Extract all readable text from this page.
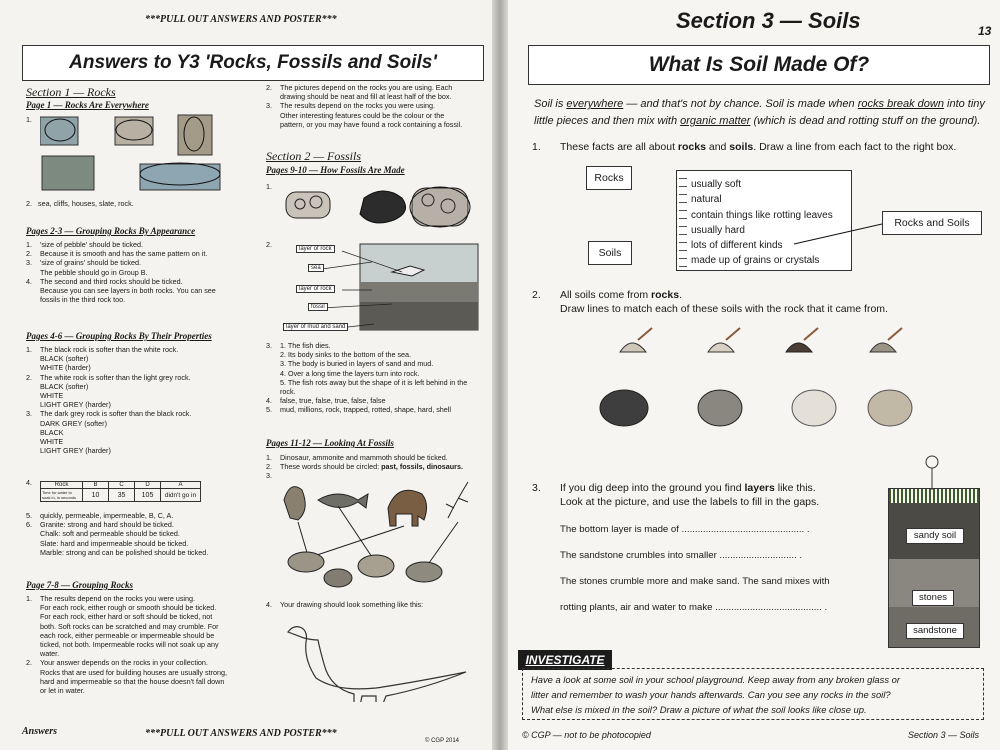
***PULL OUT ANSWERS AND POSTER***
Answers to Y3 'Rocks, Fossils and Soils'
Section 1 — Rocks
Page 1 — Rocks Are Everywhere
1.
2.   sea, cliffs, houses, slate, rock.
Pages 2-3 — Grouping Rocks By Appearance
1.    'size of pebble' should be ticked.
2.    Because it is smooth and has the same pattern on it.
3.    'size of grains' should be ticked.
The pebble should go in Group B.
4.    The second and third rocks should be ticked.
Because you can see layers in both rocks. You can see
fossils in the third rock too.
Pages 4-6 — Grouping Rocks By Their Properties
1.    The black rock is softer than the white rock.
BLACK (softer)
WHITE (harder)
2.    The white rock is softer than the light grey rock.
BLACK (softer)
WHITE
LIGHT GREY (harder)
3.    The dark grey rock is softer than the black rock.
DARK GREY (softer)
BLACK
WHITE
LIGHT GREY (harder)
4.	Rock	B	C	D	A
Time for water to soak in, in seconds	10	35	105	didn't go in
5.    quickly, permeable, impermeable, B, C, A.
6.    Granite: strong and hard should be ticked.
Chalk: soft and permeable should be ticked.
Slate: hard and impermeable should be ticked.
Marble: strong and can be polished should be ticked.
Page 7-8 — Grouping Rocks
1.    The results depend on the rocks you were using.
For each rock, either rough or smooth should be ticked.
For each rock, either hard or soft should be ticked, not
both. Soft rocks can be scratched and may crumble. For
each rock, either permeable or impermeable should be
ticked, not both. Impermeable rocks will not soak up any
water.
2.    Your answer depends on the rocks in your collection.
Rocks that are used for building houses are usually strong,
hard and impermeable so that the house doesn't fall down
or let in water.
2.    The pictures depend on the rocks you are using. Each
drawing should be neat and fill at least half of the box.
3.    The results depend on the rocks you were using.
Other interesting features could be the colour or the
pattern, or you may have found a rock containing a fossil.
Section 2 — Fossils
Pages 9-10 — How Fossils Are Made
1.
2.	layer of rock
sea
layer of rock
fossil
layer of mud and sand
3.    1. The fish dies.
2. Its body sinks to the bottom of the sea.
3. The body is buried in layers of sand and mud.
4. Over a long time the layers turn into rock.
5. The fish rots away but the shape of it is left behind in the
rock.
4.    false, true, false, true, false, false
5.    mud, millions, rock, trapped, rotted, shape, hard, shell
Pages 11-12 — Looking At Fossils
1.    Dinosaur, ammonite and mammoth should be ticked.
2.    These words should be circled: past, fossils, dinosaurs.
3.
4.    Your drawing should look something like this:
Answers	***PULL OUT ANSWERS AND POSTER***
© CGP 2014
Section 3 — Soils	13
What Is Soil Made Of?
Soil is everywhere — and that's not by chance. Soil is made when rocks break down into tiny
little pieces and then mix with organic matter (which is dead and rotting stuff on the ground).
1. These facts are all about rocks and soils. Draw a line from each fact to the right box.
Rocks
Soils
usually soft
natural
contain things like rotting leaves
usually hard
lots of different kinds
made up of grains or crystals
Rocks and Soils
2. All soils come from rocks.
Draw lines to match each of these soils with the rock that it came from.
3. If you dig deep into the ground you find layers like this.
Look at the picture, and use the labels to fill in the gaps.
The bottom layer is made of .............................................. .
The sandstone crumbles into smaller ............................. .
The stones crumble more and make sand. The sand mixes with
rotting plants, air and water to make ........................................ .
sandy soil
stones
sandstone
INVESTIGATE
Have a look at some soil in your school playground. Keep away from any broken glass or
litter and remember to wash your hands afterwards. Can you see any rocks in the soil?
What else is mixed in the soil? Draw a picture of what the soil looks like close up.
© CGP — not to be photocopied	Section 3 — Soils
